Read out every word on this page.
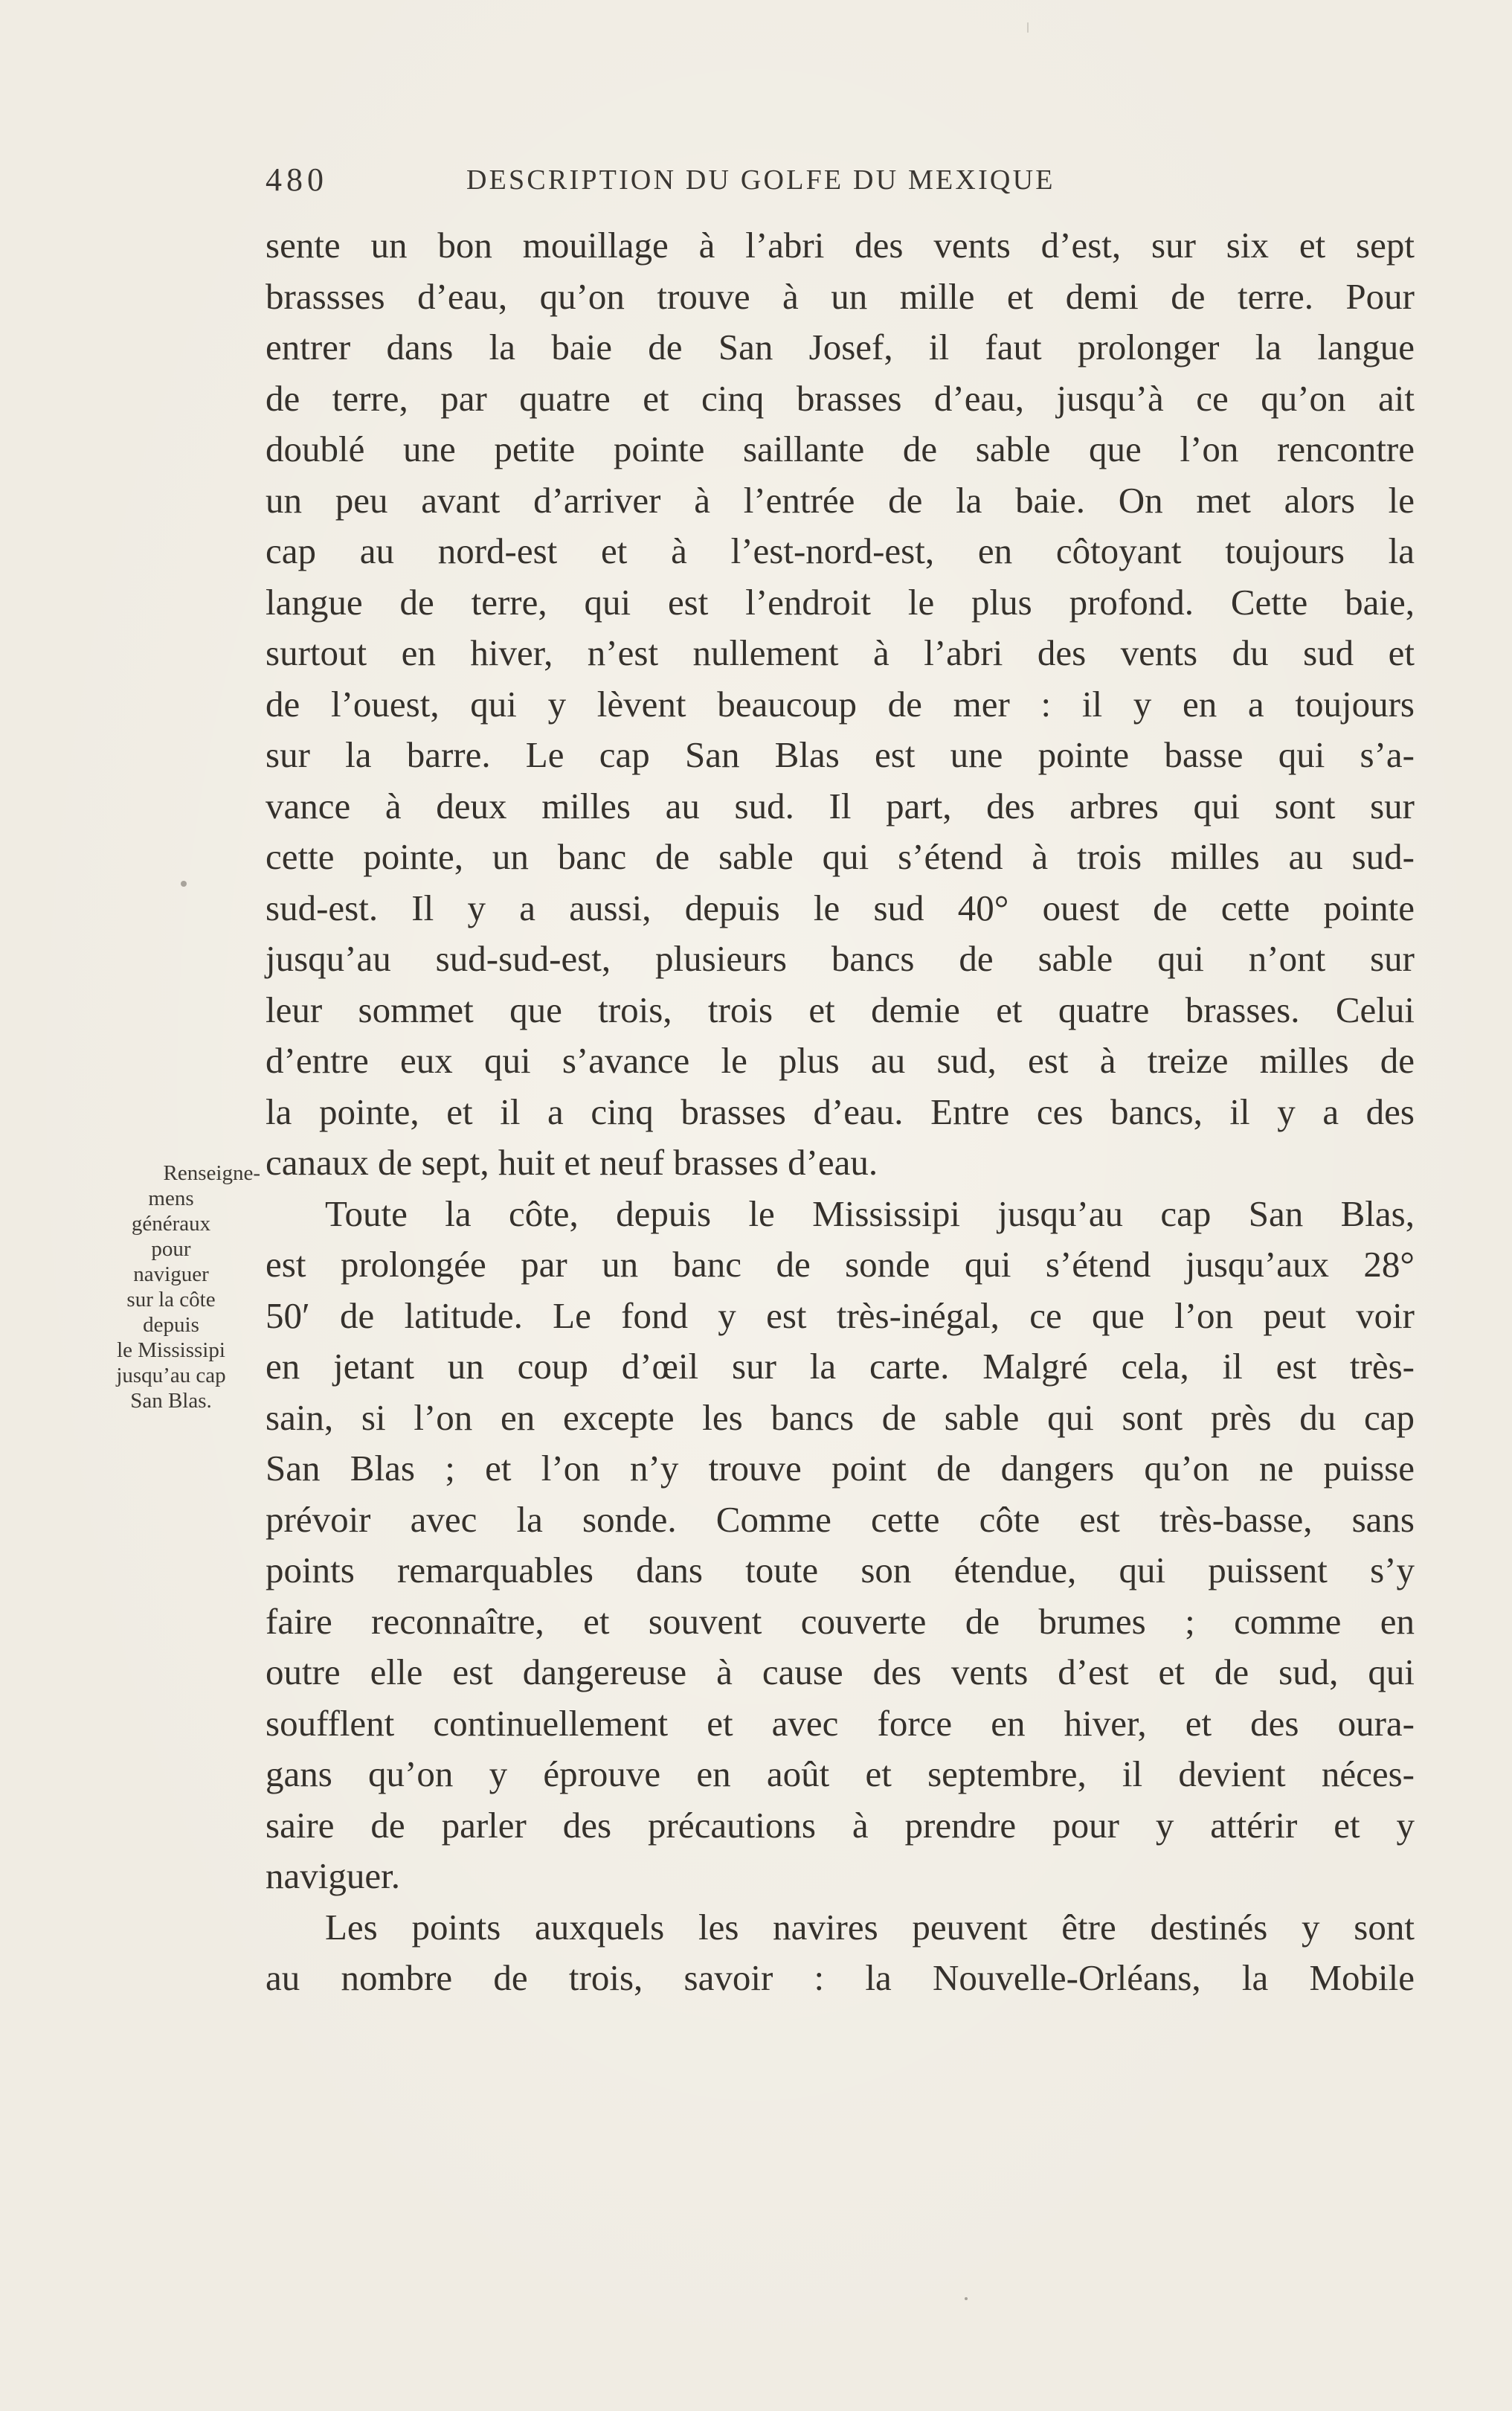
480	DESCRIPTION DU GOLFE DU MEXIQUE
sente un bon mouillage à l’abri des vents d’est, sur six et sept
brassses d’eau, qu’on trouve à un mille et demi de terre. Pour
entrer dans la baie de San Josef, il faut prolonger la langue
de terre, par quatre et cinq brasses d’eau, jusqu’à ce qu’on ait
doublé une petite pointe saillante de sable que l’on rencontre
un peu avant d’arriver à l’entrée de la baie. On met alors le
cap au nord-est et à l’est-nord-est, en côtoyant toujours la
langue de terre, qui est l’endroit le plus profond. Cette baie,
surtout en hiver, n’est nullement à l’abri des vents du sud et
de l’ouest, qui y lèvent beaucoup de mer : il y en a toujours
sur la barre. Le cap San Blas est une pointe basse qui s’a-
vance à deux milles au sud. Il part, des arbres qui sont sur
cette pointe, un banc de sable qui s’étend à trois milles au sud-
sud-est. Il y a aussi, depuis le sud 40° ouest de cette pointe
jusqu’au sud-sud-est, plusieurs bancs de sable qui n’ont sur
leur sommet que trois, trois et demie et quatre brasses. Celui
d’entre eux qui s’avance le plus au sud, est à treize milles de
la pointe, et il a cinq brasses d’eau. Entre ces bancs, il y a des
canaux de sept, huit et neuf brasses d’eau.
Toute la côte, depuis le Mississipi jusqu’au cap San Blas,
est prolongée par un banc de sonde qui s’étend jusqu’aux 28°
50′ de latitude. Le fond y est très-inégal, ce que l’on peut voir
en jetant un coup d’œil sur la carte. Malgré cela, il est très-
sain, si l’on en excepte les bancs de sable qui sont près du cap
San Blas ; et l’on n’y trouve point de dangers qu’on ne puisse
prévoir avec la sonde. Comme cette côte est très-basse, sans
points remarquables dans toute son étendue, qui puissent s’y
faire reconnaître, et souvent couverte de brumes ; comme en
outre elle est dangereuse à cause des vents d’est et de sud, qui
soufflent continuellement et avec force en hiver, et des oura-
gans qu’on y éprouve en août et septembre, il devient néces-
saire de parler des précautions à prendre pour y attérir et y
naviguer.
Les points auxquels les navires peuvent être destinés y sont
au nombre de trois, savoir : la Nouvelle-Orléans, la Mobile
Renseigne-
mens
généraux
pour
naviguer
sur la côte
depuis
le Mississipi
jusqu’au cap
San Blas.
